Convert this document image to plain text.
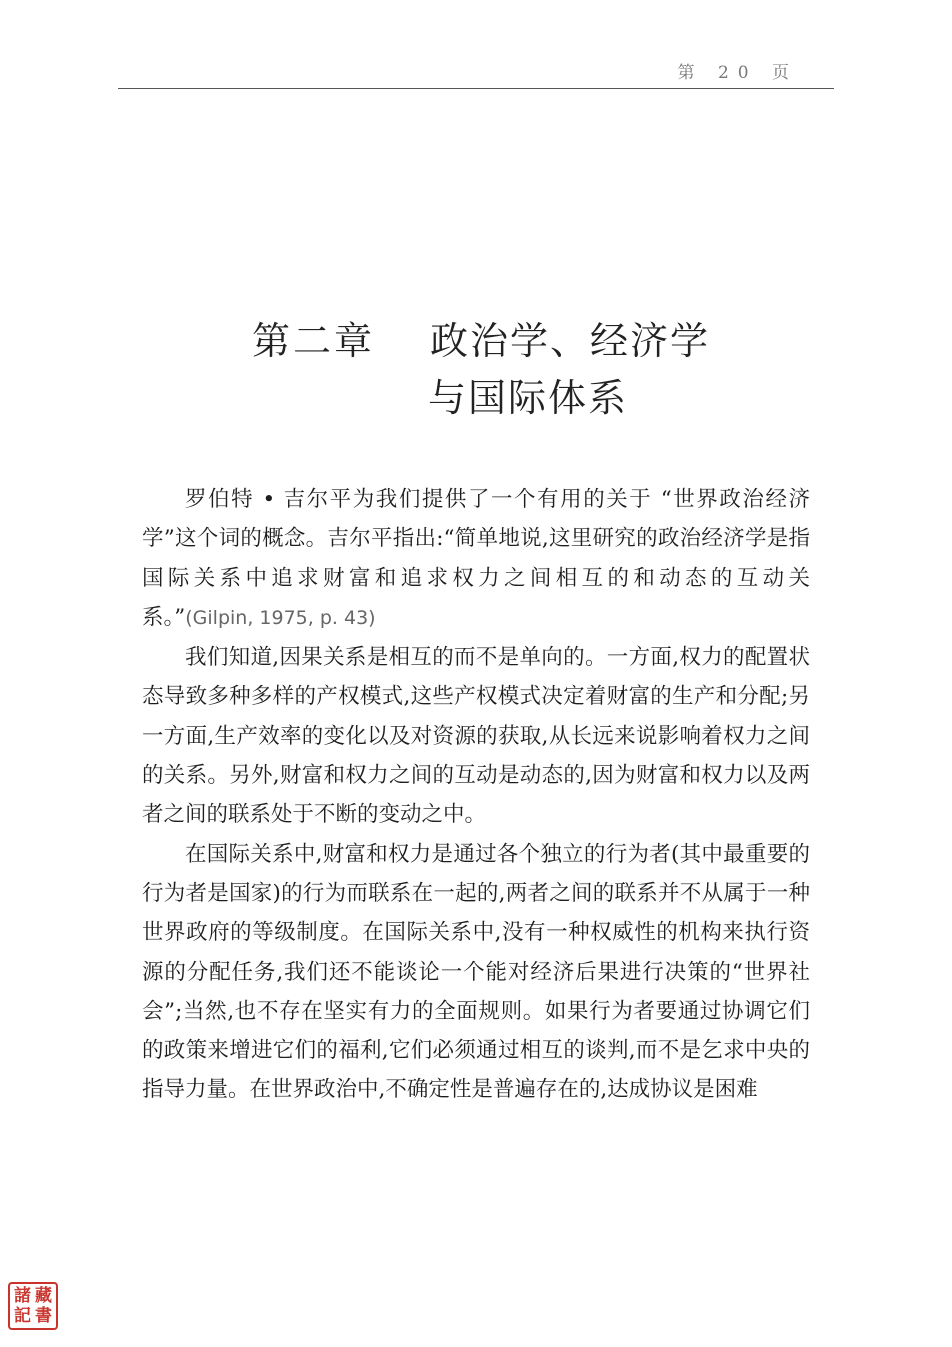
第 20 页
第二章 政治学、经济学
与国际体系

罗伯特 • 吉尔平为我们提供了一个有用的关于 “世界政治经济学”这个词的概念。吉尔平指出:“简单地说,这里研究的政治经济学是指国际关系中追求财富和追求权力之间相互的和动态的互动关系。”(Gilpin, 1975, p. 43)

我们知道,因果关系是相互的而不是单向的。一方面,权力的配置状态导致多种多样的产权模式,这些产权模式决定着财富的生产和分配;另一方面,生产效率的变化以及对资源的获取,从长远来说影响着权力之间的关系。另外,财富和权力之间的互动是动态的,因为财富和权力以及两者之间的联系处于不断的变动之中。

在国际关系中,财富和权力是通过各个独立的行为者(其中最重要的行为者是国家)的行为而联系在一起的,两者之间的联系并不从属于一种世界政府的等级制度。在国际关系中,没有一种权威性的机构来执行资源的分配任务,我们还不能谈论一个能对经济后果进行决策的“世界社会”;当然,也不存在坚实有力的全面规则。如果行为者要通过协调它们的政策来增进它们的福利,它们必须通过相互的谈判,而不是乞求中央的指导力量。在世界政治中,不确定性是普遍存在的,达成协议是困难

諸 藏
記 書
